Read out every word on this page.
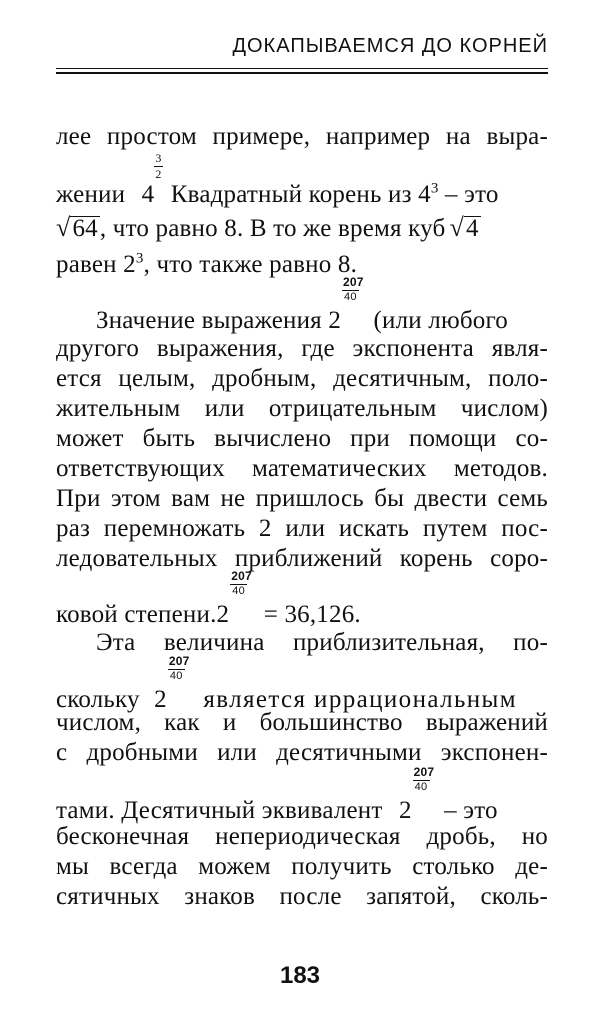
ДОКАПЫВАЕМСЯ ДО КОРНЕЙ
лее простом примере, например на выра-
жении $4 \frac{3}{2}$ Квадратный корень из $4^3$ – это
√64, что равно 8. В то же время куб √4
равен $2^3$, что также равно 8.
Значение выражения $2 \frac{207}{40} (или$ любого
другого выражения, где экспонента явля-
ется целым, дробным, десятичным, поло-
жительным или отрицательным числом)
может быть вычислено при помощи со-
ответствующих математических методов.
При этом вам не пришлось бы двести семь
раз перемножать 2 или искать путем пос-
ледовательных приближений корень соро-
ковой степени.2 $\frac{207}{40} = 36,126$.
Эта величина приблизительная, по-
скольку $2 \frac{207}{40}$ является иррациональным
числом, как и большинство выражений
с дробными или десятичными экспонен-
тами. Десятичный эквивалент $2 \frac{207}{40}$ – это
бесконечная непериодическая дробь, но
мы всегда можем получить столько де-
сятичных знаков после запятой, сколь-
183
